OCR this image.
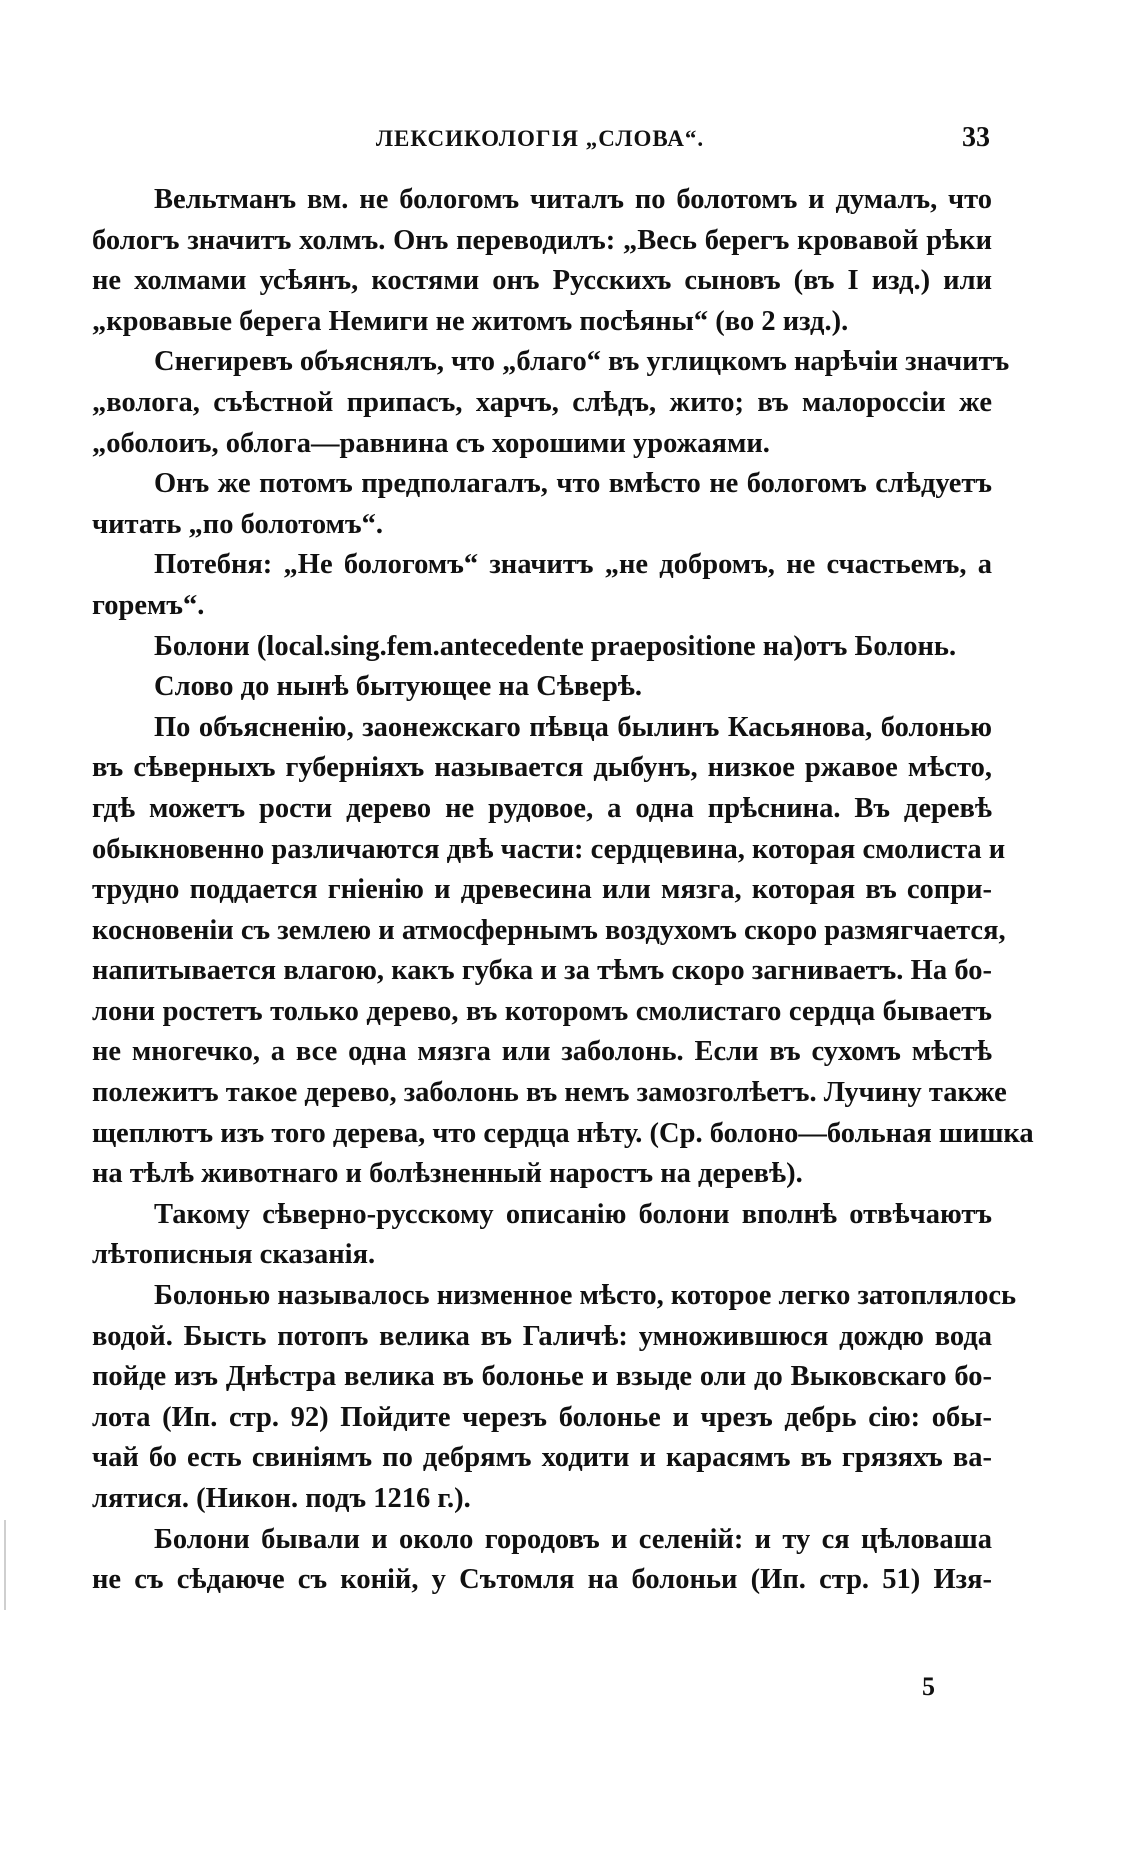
ЛЕКСИКОЛОГІЯ „СЛОВА“.	33
Вельтманъ вм. не бологомъ читалъ по болотомъ и думалъ, что
бологъ значитъ холмъ. Онъ переводилъ: „Весь берегъ кровавой рѣки
не холмами усѣянъ, костями онъ Русскихъ сыновъ (въ I изд.) или
„кровавые берега Немиги не житомъ посѣяны“ (во 2 изд.).
Снегиревъ объяснялъ, что „благо“ въ углицкомъ нарѣчіи значитъ
„волога, съѣстной припасъ, харчъ, слѣдъ, жито; въ малороссіи же
„оболоиъ, облога—равнина съ хорошими урожаями.
Онъ же потомъ предполагалъ, что вмѣсто не бологомъ слѣдуетъ
читать „по болотомъ“.
Потебня: „Не бологомъ“ значитъ „не добромъ, не счастьемъ, а
горемъ“.
Болони (local.sing.fem.antecedente praepositione на)отъ Болонь.
Слово до нынѣ бытующее на Сѣверѣ.
По объясненію, заонежскаго пѣвца былинъ Касьянова, болонью
въ сѣверныхъ губерніяхъ называется дыбунъ, низкое ржавое мѣсто,
гдѣ можетъ рости дерево не рудовое, а одна прѣснина. Въ деревѣ
обыкновенно различаются двѣ части: сердцевина, которая смолиста и
трудно поддается гніенію и древесина или мязга, которая въ сопри-
косновеніи съ землею и атмосфернымъ воздухомъ скоро размягчается,
напитывается влагою, какъ губка и за тѣмъ скоро загниваетъ. На бо-
лони ростетъ только дерево, въ которомъ смолистаго сердца бываетъ
не многечко, а все одна мязга или заболонь. Если въ сухомъ мѣстѣ
полежитъ такое дерево, заболонь въ немъ замозголѣетъ. Лучину также
щеплютъ изъ того дерева, что сердца нѣту. (Ср. болоно—больная шишка
на тѣлѣ животнаго и болѣзненный наростъ на деревѣ).
Такому сѣверно-русскому описанію болони вполнѣ отвѣчаютъ
лѣтописныя сказанія.
Болонью называлось низменное мѣсто, которое легко затоплялось
водой. Бысть потопъ велика въ Галичѣ: умножившюся дождю вода
пойде изъ Днѣстра велика въ болонье и взыде оли до Выковскаго бо-
лота (Ип. стр. 92) Пойдите черезъ болонье и чрезъ дебрь сію: обы-
чай бо есть свиніямъ по дебрямъ ходити и карасямъ въ грязяхъ ва-
лятися. (Никон. подъ 1216 г.).
Болони бывали и около городовъ и селеній: и ту ся цѣловаша
не съ сѣдаюче съ коній, у Сътомля на болоньи (Ип. стр. 51) Изя-
5
